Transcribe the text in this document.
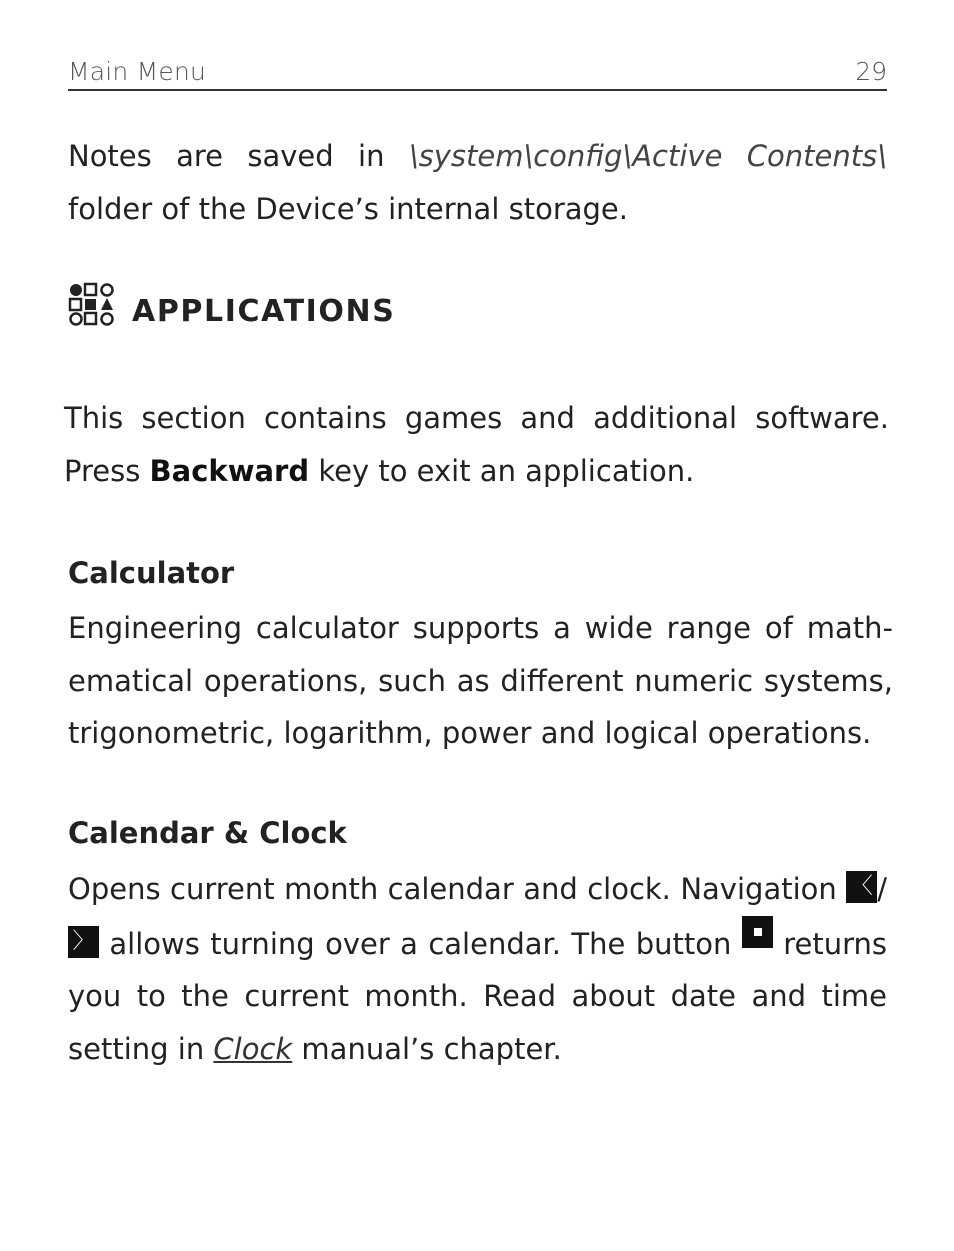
Main Menu	29
Notes are saved in \system\config\Active Contents\ folder of the Device’s internal storage.
APPLICATIONS
This section contains games and additional software. Press Backward key to exit an application.
Calculator
Engineering calculator supports a wide range of mathematical operations, such as different numeric systems, trigonometric, logarithm, power and logical operations.
Calendar & Clock
Opens current month calendar and clock. Navigation 〈 /〉 allows turning over a calendar. The button  returns you to the current month. Read about date and time setting in Clock manual’s chapter.
